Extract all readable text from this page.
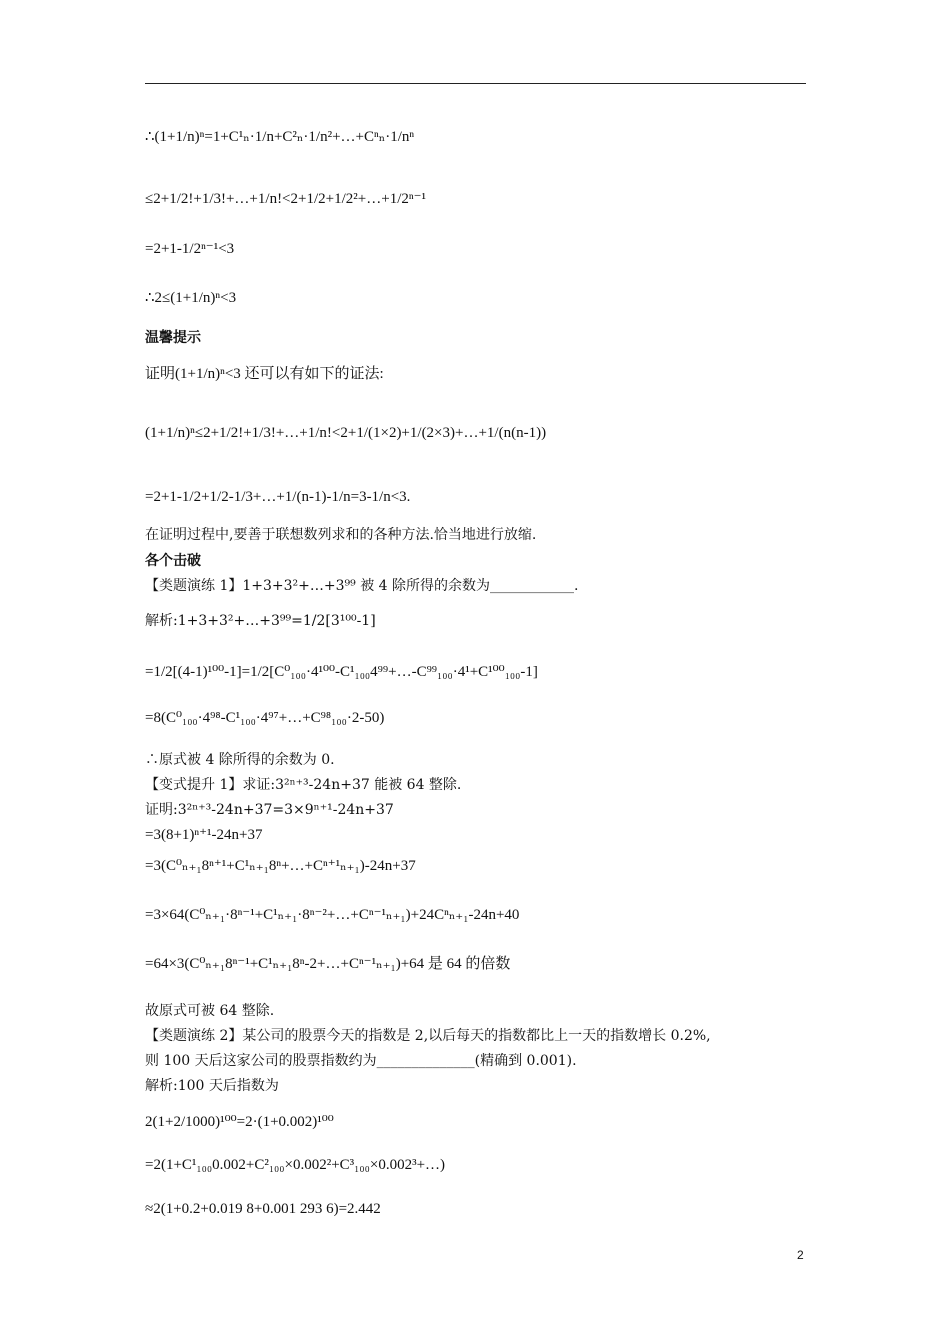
∴(1+1/n)ⁿ=1+C¹ₙ·1/n+C²ₙ·1/n²+…+Cⁿₙ·1/nⁿ
≤2+1/2!+1/3!+…+1/n!<2+1/2+1/2²+…+1/2ⁿ⁻¹
=2+1-1/2ⁿ⁻¹<3
∴2≤(1+1/n)ⁿ<3
温馨提示
证明(1+1/n)ⁿ<3 还可以有如下的证法:
(1+1/n)ⁿ≤2+1/2!+1/3!+…+1/n!<2+1/(1×2)+1/(2×3)+…+1/(n(n-1))
=2+1-1/2+1/2-1/3+…+1/(n-1)-1/n=3-1/n<3.
在证明过程中,要善于联想数列求和的各种方法.恰当地进行放缩.
各个击破
【类题演练 1】1+3+3²+…+3⁹⁹ 被 4 除所得的余数为____________.
解析:1+3+3²+…+3⁹⁹=1/2[3¹⁰⁰-1]
=1/2[(4-1)¹⁰⁰-1]=1/2[C⁰₁₀₀·4¹⁰⁰-C¹₁₀₀4⁹⁹+…-C⁹⁹₁₀₀·4¹+C¹⁰⁰₁₀₀-1]
=8(C⁰₁₀₀·4⁹⁸-C¹₁₀₀·4⁹⁷+…+C⁹⁸₁₀₀·2-50)
∴原式被 4 除所得的余数为 0.
【变式提升 1】求证:3²ⁿ⁺³-24n+37 能被 64 整除.
证明:3²ⁿ⁺³-24n+37=3×9ⁿ⁺¹-24n+37
=3(8+1)ⁿ⁺¹-24n+37
=3(C⁰ₙ₊₁8ⁿ⁺¹+C¹ₙ₊₁8ⁿ+…+Cⁿ⁺¹ₙ₊₁)-24n+37
=3×64(C⁰ₙ₊₁·8ⁿ⁻¹+C¹ₙ₊₁·8ⁿ⁻²+…+Cⁿ⁻¹ₙ₊₁)+24Cⁿₙ₊₁-24n+40
=64×3(C⁰ₙ₊₁8ⁿ⁻¹+C¹ₙ₊₁8ⁿ-2+…+Cⁿ⁻¹ₙ₊₁)+64 是 64 的倍数
故原式可被 64 整除.
【类题演练 2】某公司的股票今天的指数是 2,以后每天的指数都比上一天的指数增长 0.2%,
则 100 天后这家公司的股票指数约为______________(精确到 0.001).
解析:100 天后指数为
2(1+2/1000)¹⁰⁰=2·(1+0.002)¹⁰⁰
=2(1+C¹₁₀₀0.002+C²₁₀₀×0.002²+C³₁₀₀×0.002³+…)
≈2(1+0.2+0.019 8+0.001 293 6)=2.442
2
